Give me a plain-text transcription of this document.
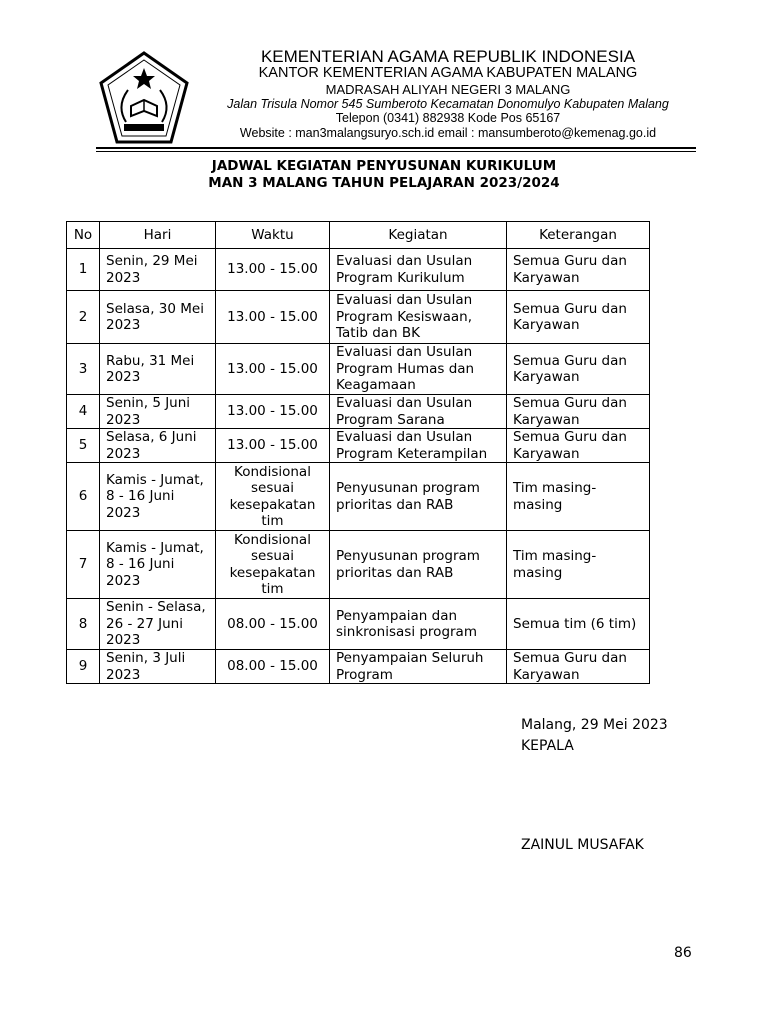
KEMENTERIAN AGAMA REPUBLIK INDONESIA
KANTOR KEMENTERIAN AGAMA KABUPATEN MALANG
MADRASAH ALIYAH NEGERI 3 MALANG
Jalan Trisula Nomor 545 Sumberoto Kecamatan Donomulyo Kabupaten Malang
Telepon (0341) 882938 Kode Pos 65167
Website : man3malangsuryo.sch.id email : mansumberoto@kemenag.go.id
JADWAL KEGIATAN PENYUSUNAN KURIKULUM
MAN 3 MALANG TAHUN PELAJARAN 2023/2024
No	Hari	Waktu	Kegiatan	Keterangan
1	Senin, 29 Mei 2023	13.00 - 15.00	Evaluasi dan Usulan Program Kurikulum	Semua Guru dan Karyawan
2	Selasa, 30 Mei 2023	13.00 - 15.00	Evaluasi dan Usulan Program Kesiswaan, Tatib dan BK	Semua Guru dan Karyawan
3	Rabu, 31 Mei 2023	13.00 - 15.00	Evaluasi dan Usulan Program Humas dan Keagamaan	Semua Guru dan Karyawan
4	Senin, 5 Juni 2023	13.00 - 15.00	Evaluasi dan Usulan Program Sarana	Semua Guru dan Karyawan
5	Selasa, 6 Juni 2023	13.00 - 15.00	Evaluasi dan Usulan Program Keterampilan	Semua Guru dan Karyawan
6	Kamis - Jumat, 8 - 16 Juni 2023	Kondisional sesuai kesepakatan tim	Penyusunan program prioritas dan RAB	Tim masing-masing
7	Kamis - Jumat, 8 - 16 Juni 2023	Kondisional sesuai kesepakatan tim	Penyusunan program prioritas dan RAB	Tim masing-masing
8	Senin - Selasa, 26 - 27 Juni 2023	08.00 - 15.00	Penyampaian dan sinkronisasi program	Semua tim (6 tim)
9	Senin, 3 Juli 2023	08.00 - 15.00	Penyampaian Seluruh Program	Semua Guru dan Karyawan
Malang, 29 Mei 2023
KEPALA
ZAINUL MUSAFAK
86
